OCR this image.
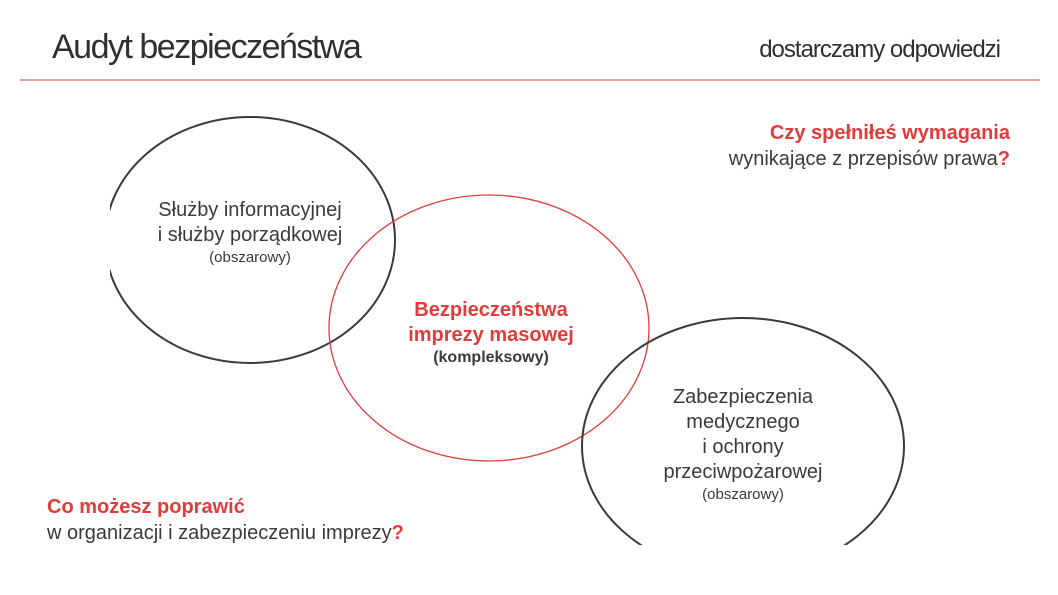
Audyt bezpieczeństwa	dostarczamy odpowiedzi
Służby informacyjnej
i służby porządkowej
(obszarowy)
Bezpieczeństwa
imprezy masowej
(kompleksowy)
Zabezpieczenia
medycznego
i ochrony
przeciwpożarowej
(obszarowy)
Czy spełniłeś wymagania
wynikające z przepisów prawa?
Co możesz poprawić
w organizacji i zabezpieczeniu imprezy?
